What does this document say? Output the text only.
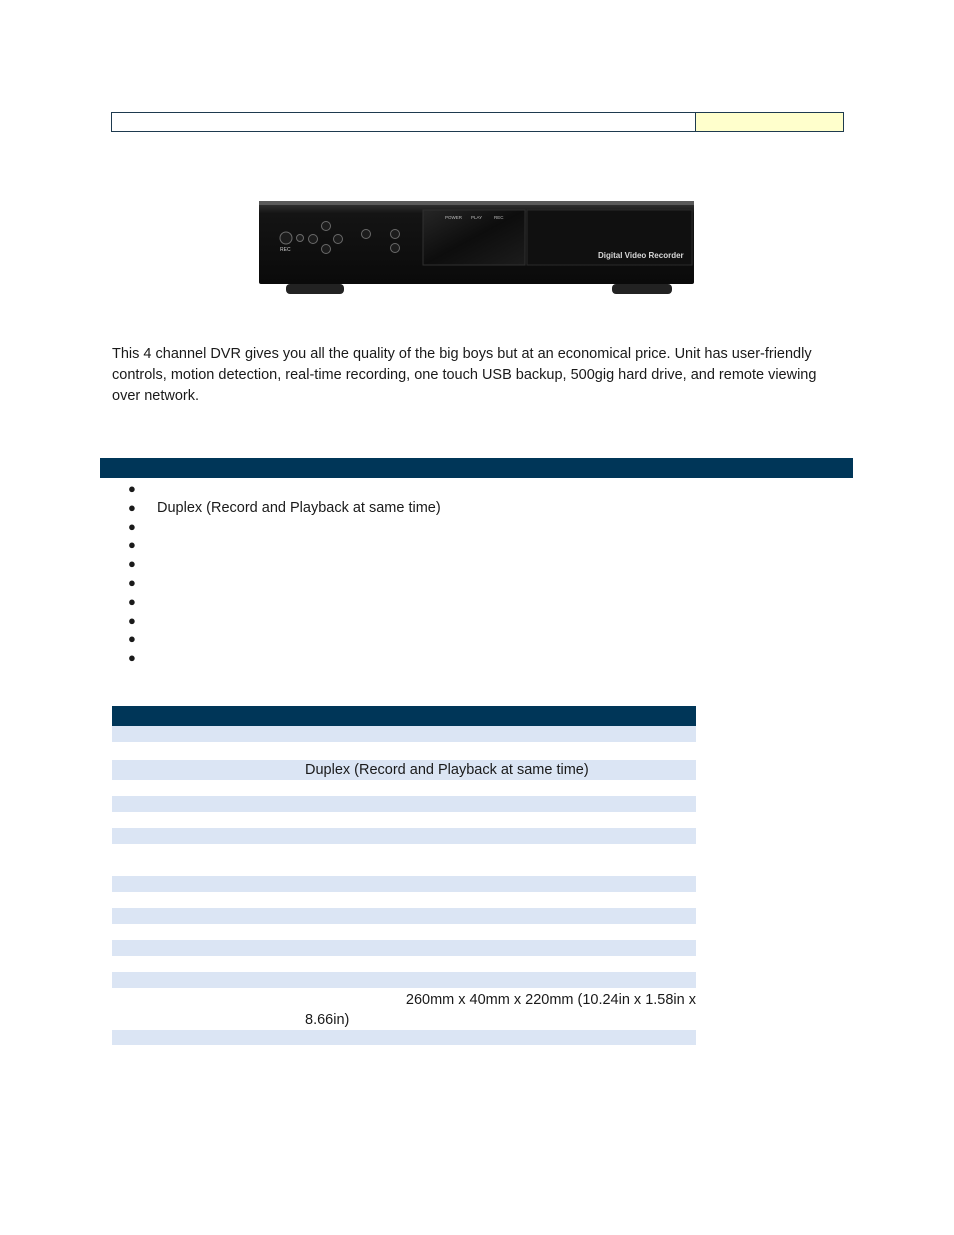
POWER PLAY	REC
Digital Video Recorder
REC

This 4 channel DVR gives you all the quality of the big boys but at an economical price. Unit has user-friendly controls, motion detection, real-time recording, one touch USB backup, 500gig hard drive, and remote viewing over network.

●
● Duplex (Record and Playback at same time)
●
●
●
●
●
●
●
●
Duplex (Record and Playback at same time)
260mm x 40mm x 220mm (10.24in x 1.58in x
8.66in)
